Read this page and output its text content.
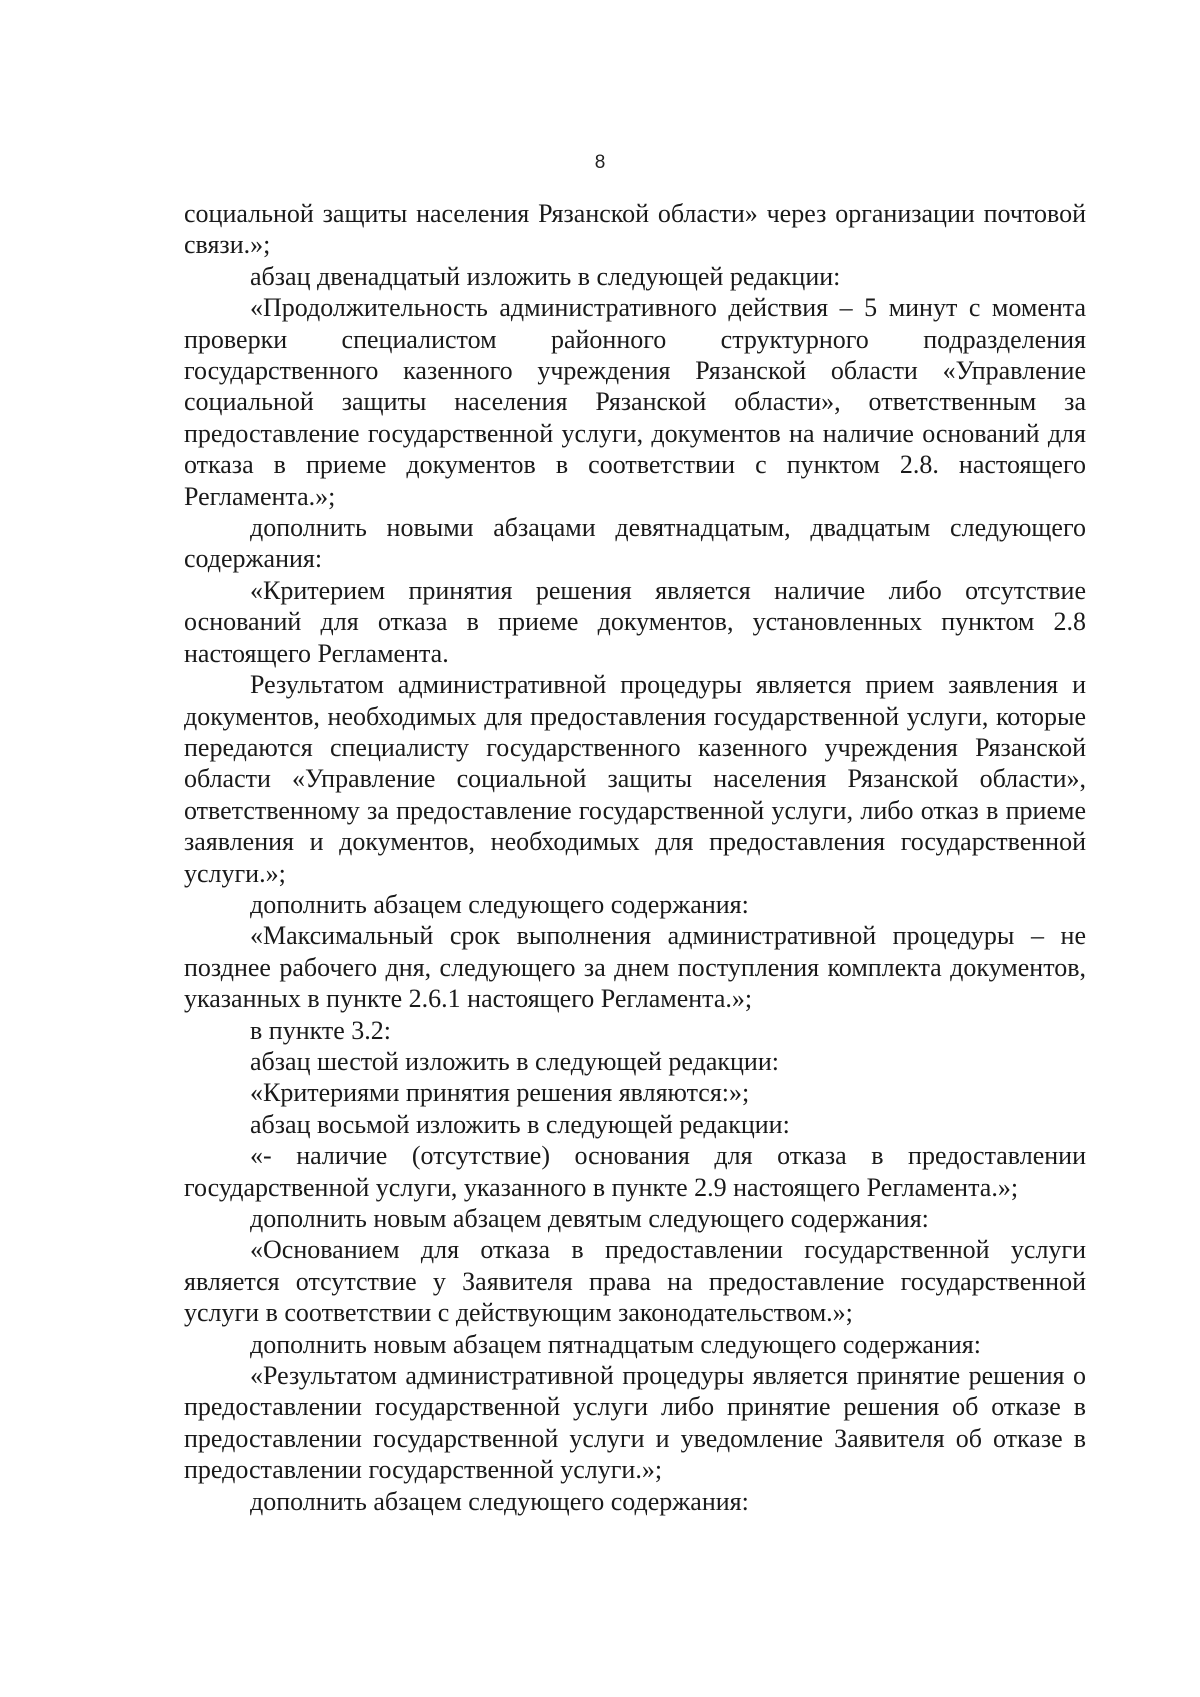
8

социальной защиты населения Рязанской области» через организации почтовой связи.»;

абзац двенадцатый изложить в следующей редакции:

«Продолжительность административного действия – 5 минут с момента проверки специалистом районного структурного подразделения государственного казенного учреждения Рязанской области «Управление социальной защиты населения Рязанской области», ответственным за предоставление государственной услуги, документов на наличие оснований для отказа в приеме документов в соответствии с пунктом 2.8. настоящего Регламента.»;

дополнить новыми абзацами девятнадцатым, двадцатым следующего содержания:

«Критерием принятия решения является наличие либо отсутствие оснований для отказа в приеме документов, установленных пунктом 2.8 настоящего Регламента.

Результатом административной процедуры является прием заявления и документов, необходимых для предоставления государственной услуги, которые передаются специалисту государственного казенного учреждения Рязанской области «Управление социальной защиты населения Рязанской области», ответственному за предоставление государственной услуги, либо отказ в приеме заявления и документов, необходимых для предоставления государственной услуги.»;

дополнить абзацем следующего содержания:

«Максимальный срок выполнения административной процедуры – не позднее рабочего дня, следующего за днем поступления комплекта документов, указанных в пункте 2.6.1 настоящего Регламента.»;

в пункте 3.2:

абзац шестой изложить в следующей редакции:

«Критериями принятия решения являются:»;

абзац восьмой изложить в следующей редакции:

«- наличие (отсутствие) основания для отказа в предоставлении государственной услуги, указанного в пункте 2.9 настоящего Регламента.»;

дополнить новым абзацем девятым следующего содержания:

«Основанием для отказа в предоставлении государственной услуги является отсутствие у Заявителя права на предоставление государственной услуги в соответствии с действующим законодательством.»;

дополнить новым абзацем пятнадцатым следующего содержания:

«Результатом административной процедуры является принятие решения о предоставлении государственной услуги либо принятие решения об отказе в предоставлении государственной услуги и уведомление Заявителя об отказе в предоставлении государственной услуги.»;

дополнить абзацем следующего содержания:
